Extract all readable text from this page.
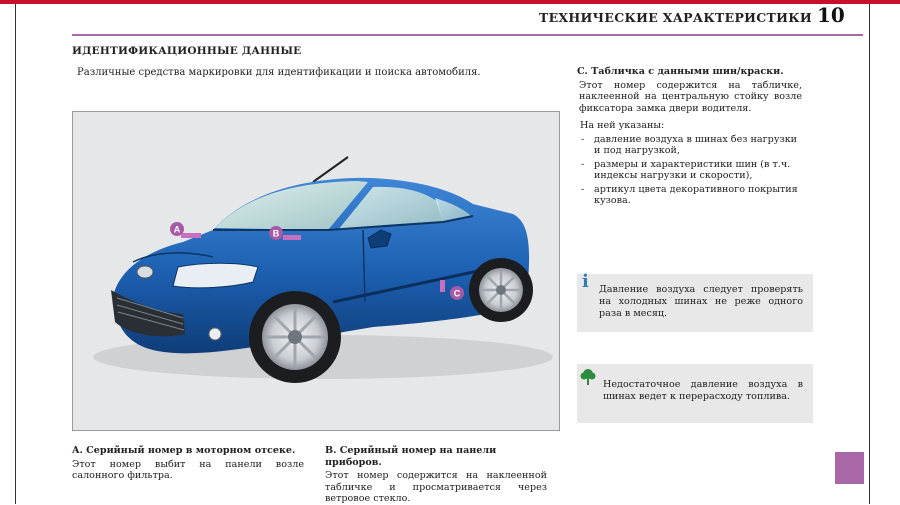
ТЕХНИЧЕСКИЕ ХАРАКТЕРИСТИКИ 10
ИДЕНТИФИКАЦИОННЫЕ ДАННЫЕ
Различные средства маркировки для идентификации и поиска автомобиля.
A	B
C
A. Серийный номер в моторном отсеке.
Этот номер выбит на панели возле салонного фильтра.
B. Серийный номер на панели приборов.
Этот номер содержится на наклеенной табличке и просматривается через ветровое стекло.
C. Табличка с данными шин/краски.
Этот номер содержится на табличке, наклеенной на центральную стойку возле фиксатора замка двери водителя.
На ней указаны:
- давление воздуха в шинах без нагрузки и под нагрузкой,
- размеры и характеристики шин (в т.ч. индексы нагрузки и скорости),
- артикул цвета декоративного покрытия кузова.
i Давление воздуха следует проверять на холодных шинах не реже одного раза в месяц.
Недостаточное давление воздуха в шинах ведет к перерасходу топлива.
